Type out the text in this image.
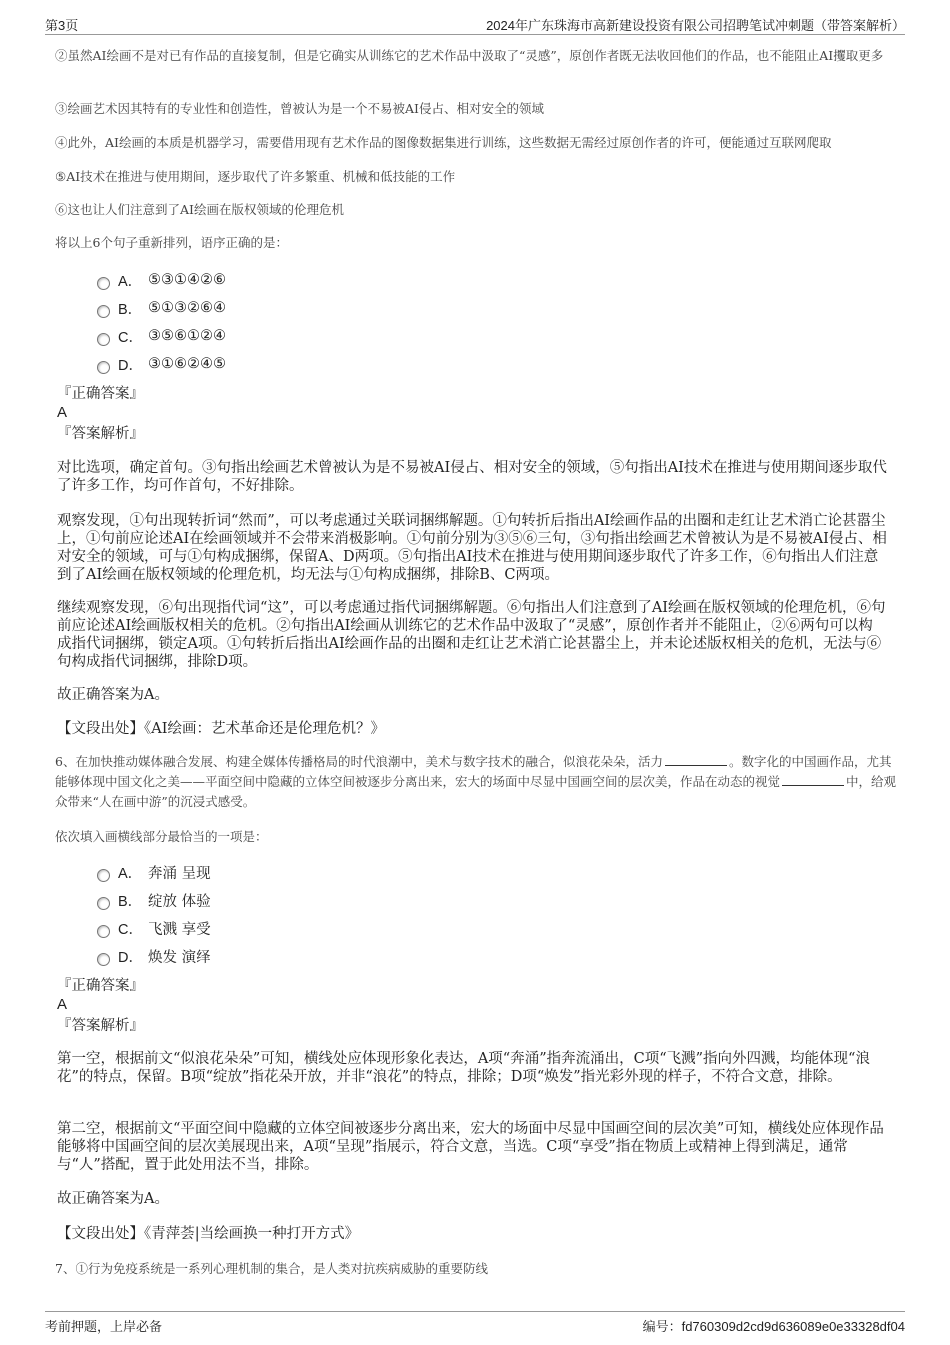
第3页	2024年广东珠海市高新建设投资有限公司招聘笔试冲刺题（带答案解析）
②虽然AI绘画不是对已有作品的直接复制，但是它确实从训练它的艺术作品中汲取了“灵感”，原创作者既无法收回他们的作品，也不能阻止AI攫取更多
③绘画艺术因其特有的专业性和创造性，曾被认为是一个不易被AI侵占、相对安全的领域
④此外，AI绘画的本质是机器学习，需要借用现有艺术作品的图像数据集进行训练，这些数据无需经过原创作者的许可，便能通过互联网爬取
⑤AI技术在推进与使用期间，逐步取代了许多繁重、机械和低技能的工作
⑥这也让人们注意到了AI绘画在版权领域的伦理危机
将以上6个句子重新排列，语序正确的是：
A． ⑤③①④②⑥
B． ⑤①③②⑥④
C． ③⑤⑥①②④
D． ③①⑥②④⑤
『正确答案』
A
『答案解析』
对比选项，确定首句。③句指出绘画艺术曾被认为是不易被AI侵占、相对安全的领域，⑤句指出AI技术在推进与使用期间逐步取代了许多工作，均可作首句，不好排除。
观察发现，①句出现转折词“然而”，可以考虑通过关联词捆绑解题。①句转折后指出AI绘画作品的出圈和走红让艺术消亡论甚嚣尘上，①句前应论述AI在绘画领域并不会带来消极影响。①句前分别为③⑤⑥三句，③句指出绘画艺术曾被认为是不易被AI侵占、相对安全的领域，可与①句构成捆绑，保留A、D两项。⑤句指出AI技术在推进与使用期间逐步取代了许多工作，⑥句指出人们注意到了AI绘画在版权领域的伦理危机，均无法与①句构成捆绑，排除B、C两项。
继续观察发现，⑥句出现指代词“这”，可以考虑通过指代词捆绑解题。⑥句指出人们注意到了AI绘画在版权领域的伦理危机，⑥句前应论述AI绘画版权相关的危机。②句指出AI绘画从训练它的艺术作品中汲取了“灵感”，原创作者并不能阻止，②⑥两句可以构成指代词捆绑，锁定A项。①句转折后指出AI绘画作品的出圈和走红让艺术消亡论甚嚣尘上，并未论述版权相关的危机，无法与⑥句构成指代词捆绑，排除D项。
故正确答案为A。
【文段出处】《AI绘画：艺术革命还是伦理危机？》
6、在加快推动媒体融合发展、构建全媒体传播格局的时代浪潮中，美术与数字技术的融合，似浪花朵朵，活力	。数字化的中国画作品，尤其能够体现中国文化之美——平面空间中隐藏的立体空间被逐步分离出来，宏大的场面中尽显中国画空间的层次美，作品在动态的视觉	中，给观众带来“人在画中游”的沉浸式感受。
依次填入画横线部分最恰当的一项是：
A． 奔涌 呈现
B． 绽放 体验
C． 飞溅 享受
D． 焕发 演绎
『正确答案』
A
『答案解析』
第一空，根据前文“似浪花朵朵”可知，横线处应体现形象化表达，A项“奔涌”指奔流涌出，C项“飞溅”指向外四溅，均能体现“浪花”的特点，保留。B项“绽放”指花朵开放，并非“浪花”的特点，排除；D项“焕发”指光彩外现的样子，不符合文意，排除。
第二空，根据前文“平面空间中隐藏的立体空间被逐步分离出来，宏大的场面中尽显中国画空间的层次美”可知，横线处应体现作品能够将中国画空间的层次美展现出来，A项“呈现”指展示，符合文意，当选。C项“享受”指在物质上或精神上得到满足，通常与“人”搭配，置于此处用法不当，排除。
故正确答案为A。
【文段出处】《青萍荟|当绘画换一种打开方式》
7、①行为免疫系统是一系列心理机制的集合，是人类对抗疾病威胁的重要防线
考前押题，上岸必备	编号：fd760309d2cd9d636089e0e33328df04
